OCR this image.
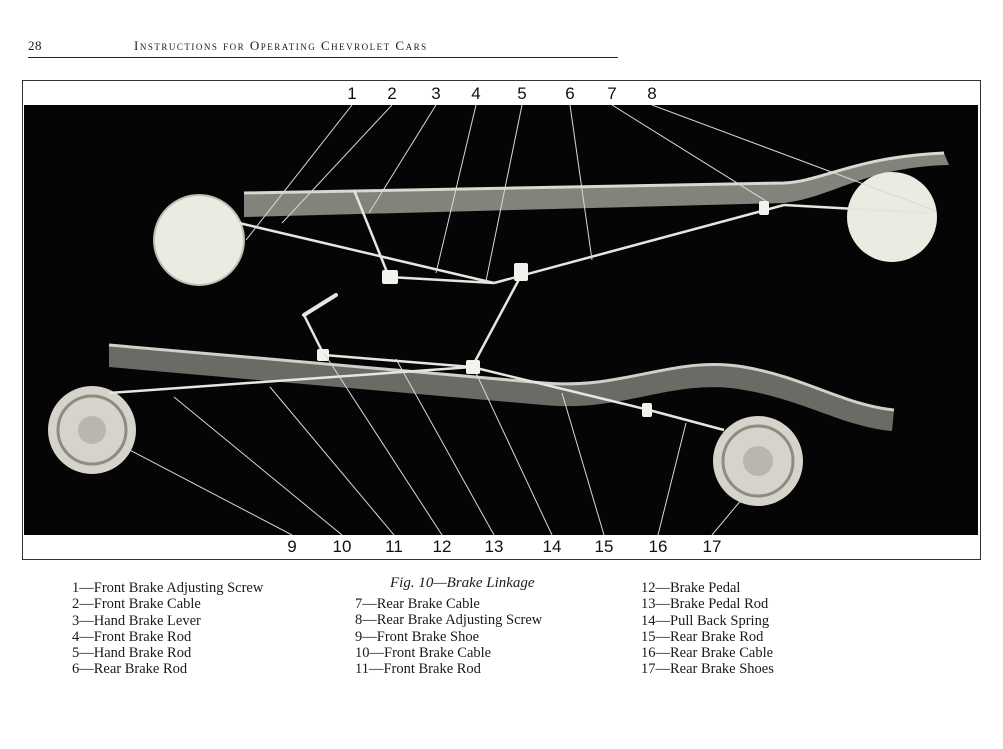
28	Instructions for Operating Chevrolet Cars
1 2 3 4 5 6 7 8
9 10 11 12 13 14 15 16 17
Fig. 10—Brake Linkage
1—Front Brake Adjusting Screw
2—Front Brake Cable
3—Hand Brake Lever
4—Front Brake Rod
5—Hand Brake Rod
6—Rear Brake Rod
7—Rear Brake Cable
8—Rear Brake Adjusting Screw
9—Front Brake Shoe
10—Front Brake Cable
11—Front Brake Rod
12—Brake Pedal
13—Brake Pedal Rod
14—Pull Back Spring
15—Rear Brake Rod
16—Rear Brake Cable
17—Rear Brake Shoes
